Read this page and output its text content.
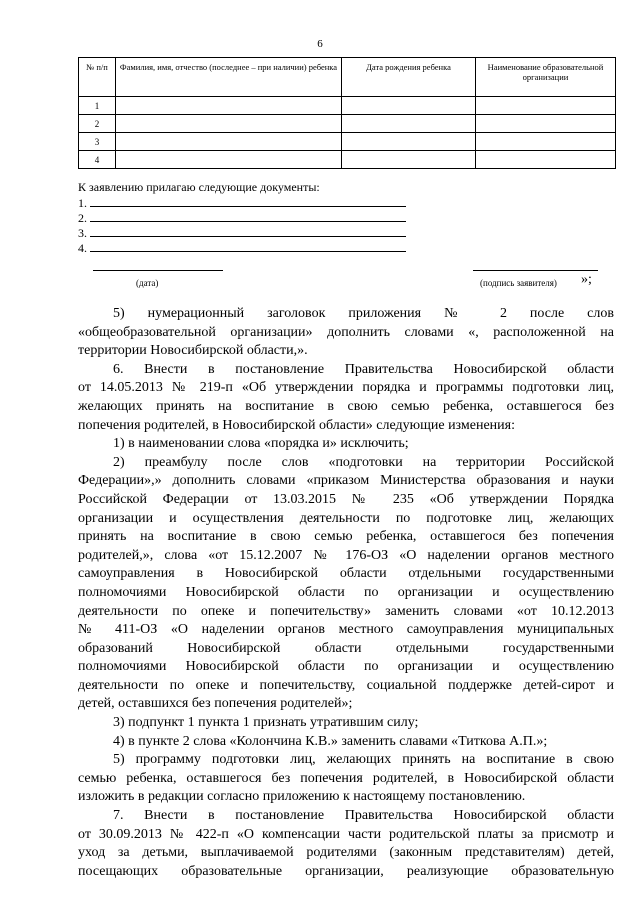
6
№ п/п	Фамилия, имя, отчество (последнее – при наличии) ребенка	Дата рождения ребенка	Наименование образовательной организации
1			
2			
3			
4			
К заявлению прилагаю следующие документы:
1.
2.
3.
4.
(дата)	(подпись заявителя) »;

5) нумерационный заголовок приложения № 2 после слов

«общеобразовательной организации» дополнить словами «, расположенной на

территории Новосибирской области,».

6. Внести в постановление Правительства Новосибирской области

от 14.05.2013 № 219-п «Об утверждении порядка и программы подготовки лиц,

желающих принять на воспитание в свою семью ребенка, оставшегося без

попечения родителей, в Новосибирской области» следующие изменения:

1) в наименовании слова «порядка и» исключить;

2) преамбулу после слов «подготовки на территории Российской

Федерации»,» дополнить словами «приказом Министерства образования и науки

Российской Федерации от 13.03.2015 № 235 «Об утверждении Порядка

организации и осуществления деятельности по подготовке лиц, желающих

принять на воспитание в свою семью ребенка, оставшегося без попечения

родителей,», слова «от 15.12.2007 № 176-ОЗ «О наделении органов местного

самоуправления в Новосибирской области отдельными государственными

полномочиями Новосибирской области по организации и осуществлению

деятельности по опеке и попечительству» заменить словами «от 10.12.2013

№ 411-ОЗ «О наделении органов местного самоуправления муниципальных

образований Новосибирской области отдельными государственными

полномочиями Новосибирской области по организации и осуществлению

деятельности по опеке и попечительству, социальной поддержке детей-сирот и

детей, оставшихся без попечения родителей»;

3) подпункт 1 пункта 1 признать утратившим силу;

4) в пункте 2 слова «Колончина К.В.» заменить славами «Титкова А.П.»;

5) программу подготовки лиц, желающих принять на воспитание в свою

семью ребенка, оставшегося без попечения родителей, в Новосибирской области

изложить в редакции согласно приложению к настоящему постановлению.

7. Внести в постановление Правительства Новосибирской области

от 30.09.2013 № 422-п «О компенсации части родительской платы за присмотр и

уход за детьми, выплачиваемой родителями (законным представителям) детей,

посещающих образовательные организации, реализующие образовательную
